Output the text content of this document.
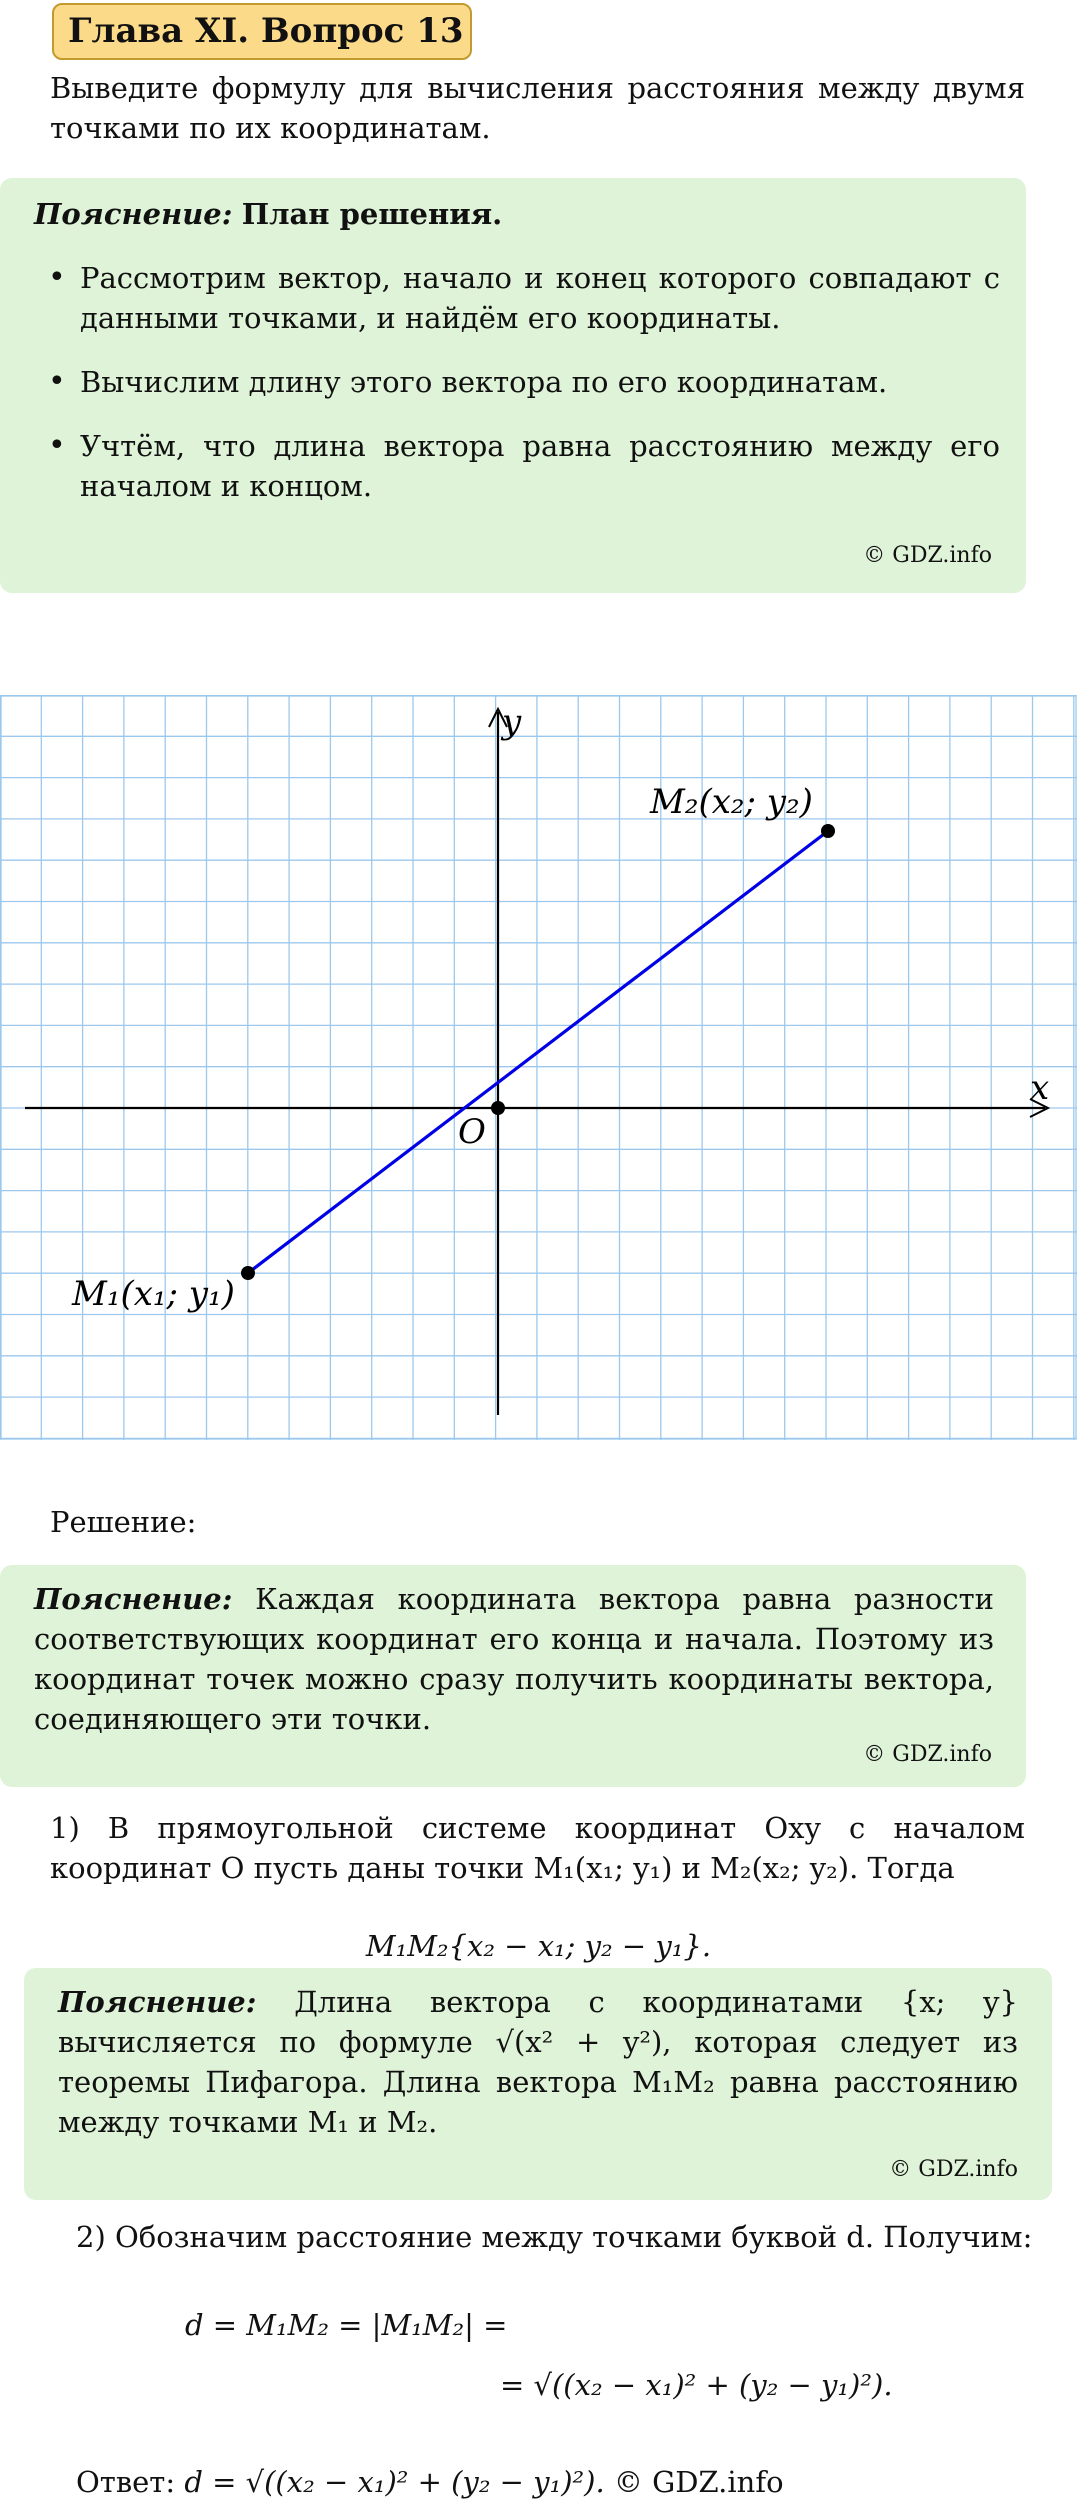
Глава XI. Вопрос 13
Выведите формулу для вычисления расстояния между двумя точками по их координатам.
Пояснение: План решения.
• Рассмотрим вектор, начало и конец которого совпадают с данными точками, и найдём его координаты.
• Вычислим длину этого вектора по его координатам.
• Учтём, что длина вектора равна расстоянию между его началом и концом.
© GDZ.info
x
y
O
M₁(x₁; y₁)
M₂(x₂; y₂)
Решение:
Пояснение: Каждая координата вектора равна разности соответствующих координат его конца и начала. Поэтому из координат точек можно сразу получить координаты вектора, соединяющего эти точки.
© GDZ.info
1) В прямоугольной системе координат Oxy с началом координат O пусть даны точки M₁(x₁; y₁) и M₂(x₂; y₂). Тогда
M₁M₂{x₂ − x₁; y₂ − y₁}.
Пояснение: Длина вектора с координатами {x; y} вычисляется по формуле √(x² + y²), которая следует из теоремы Пифагора. Длина вектора M₁M₂ равна расстоянию между точками M₁ и M₂.
© GDZ.info
2) Обозначим расстояние между точками буквой d. Получим:
d = M₁M₂ = |M₁M₂| =
= √((x₂ − x₁)² + (y₂ − y₁)²).
Ответ: d = √((x₂ − x₁)² + (y₂ − y₁)²). © GDZ.info
